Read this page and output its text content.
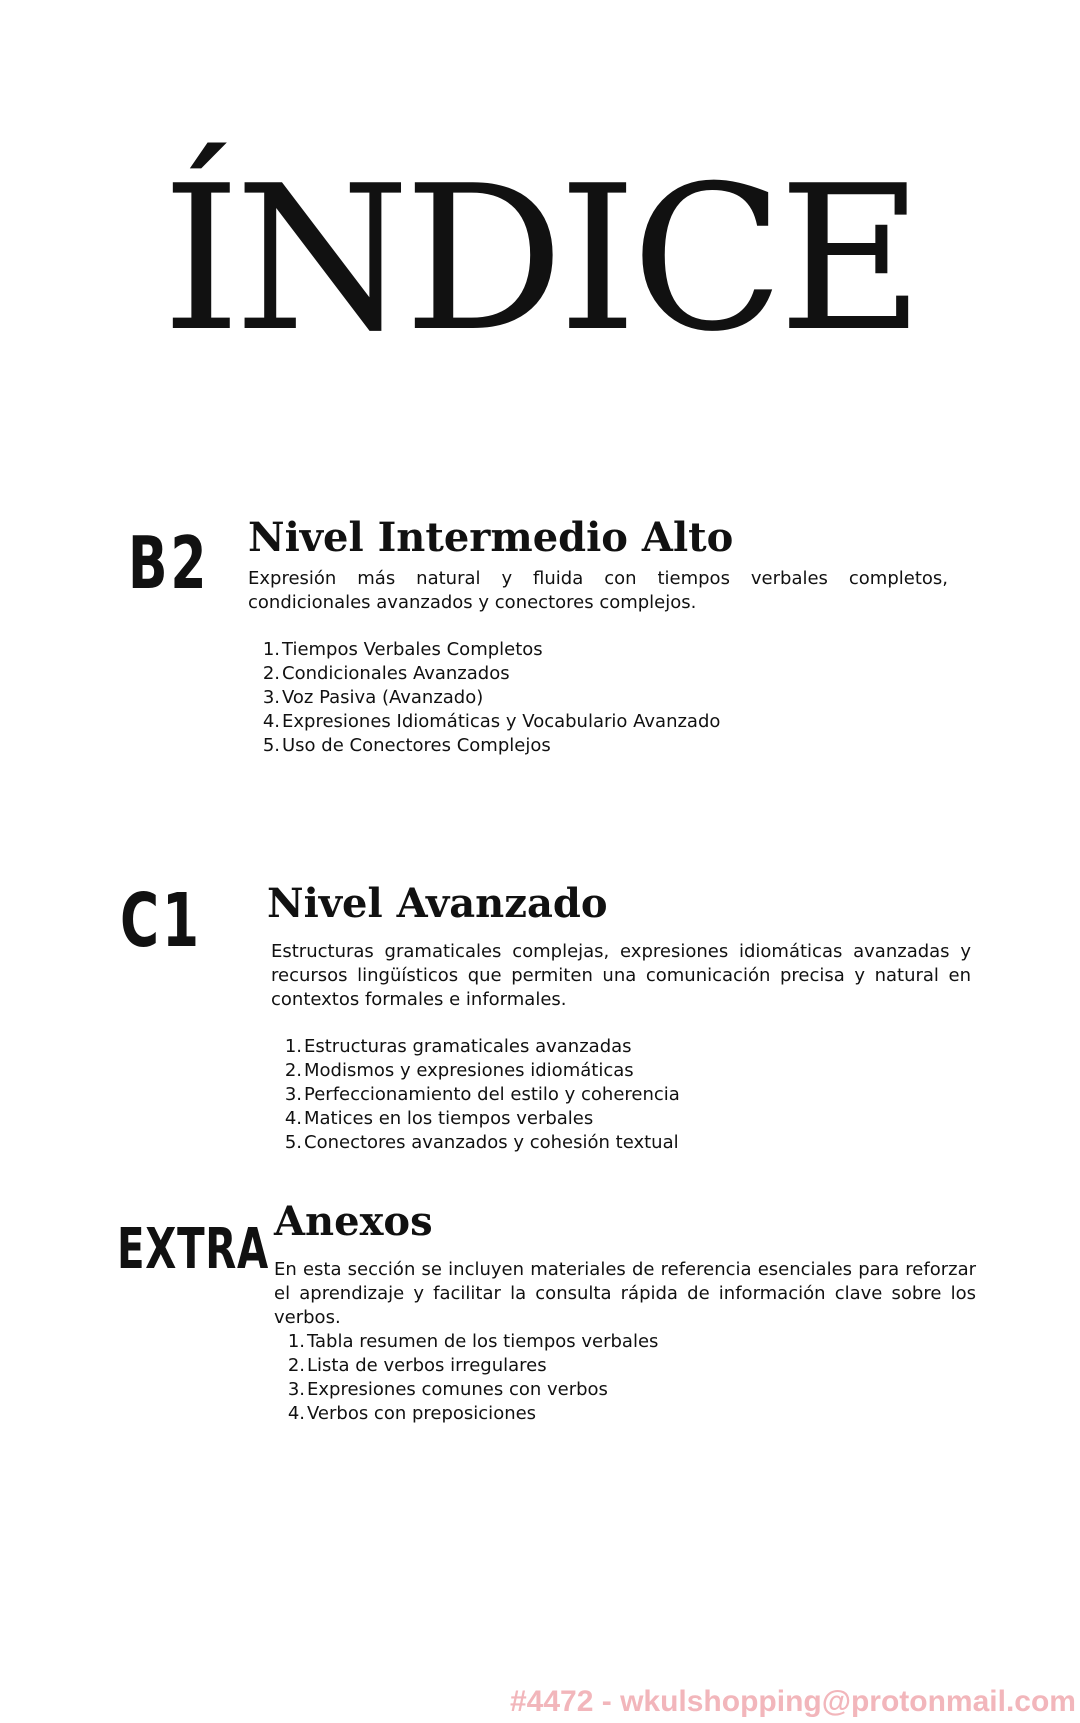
ÍNDICE
B2 Nivel Intermedio Alto

Expresión más natural y fluida con tiempos verbales completos, condicionales avanzados y conectores complejos.

1. Tiempos Verbales Completos
2. Condicionales Avanzados
3. Voz Pasiva (Avanzado)
4. Expresiones Idiomáticas y Vocabulario Avanzado
5. Uso de Conectores Complejos
C1 Nivel Avanzado

Estructuras gramaticales complejas, expresiones idiomáticas avanzadas y recursos lingüísticos que permiten una comunicación precisa y natural en contextos formales e informales.

1. Estructuras gramaticales avanzadas
2. Modismos y expresiones idiomáticas
3. Perfeccionamiento del estilo y coherencia
4. Matices en los tiempos verbales
5. Conectores avanzados y cohesión textual
EXTRA Anexos

En esta sección se incluyen materiales de referencia esenciales para reforzar el aprendizaje y facilitar la consulta rápida de información clave sobre los verbos.

1. Tabla resumen de los tiempos verbales
2. Lista de verbos irregulares
3. Expresiones comunes con verbos
4. Verbos con preposiciones
#4472 - wkulshopping@protonmail.com
